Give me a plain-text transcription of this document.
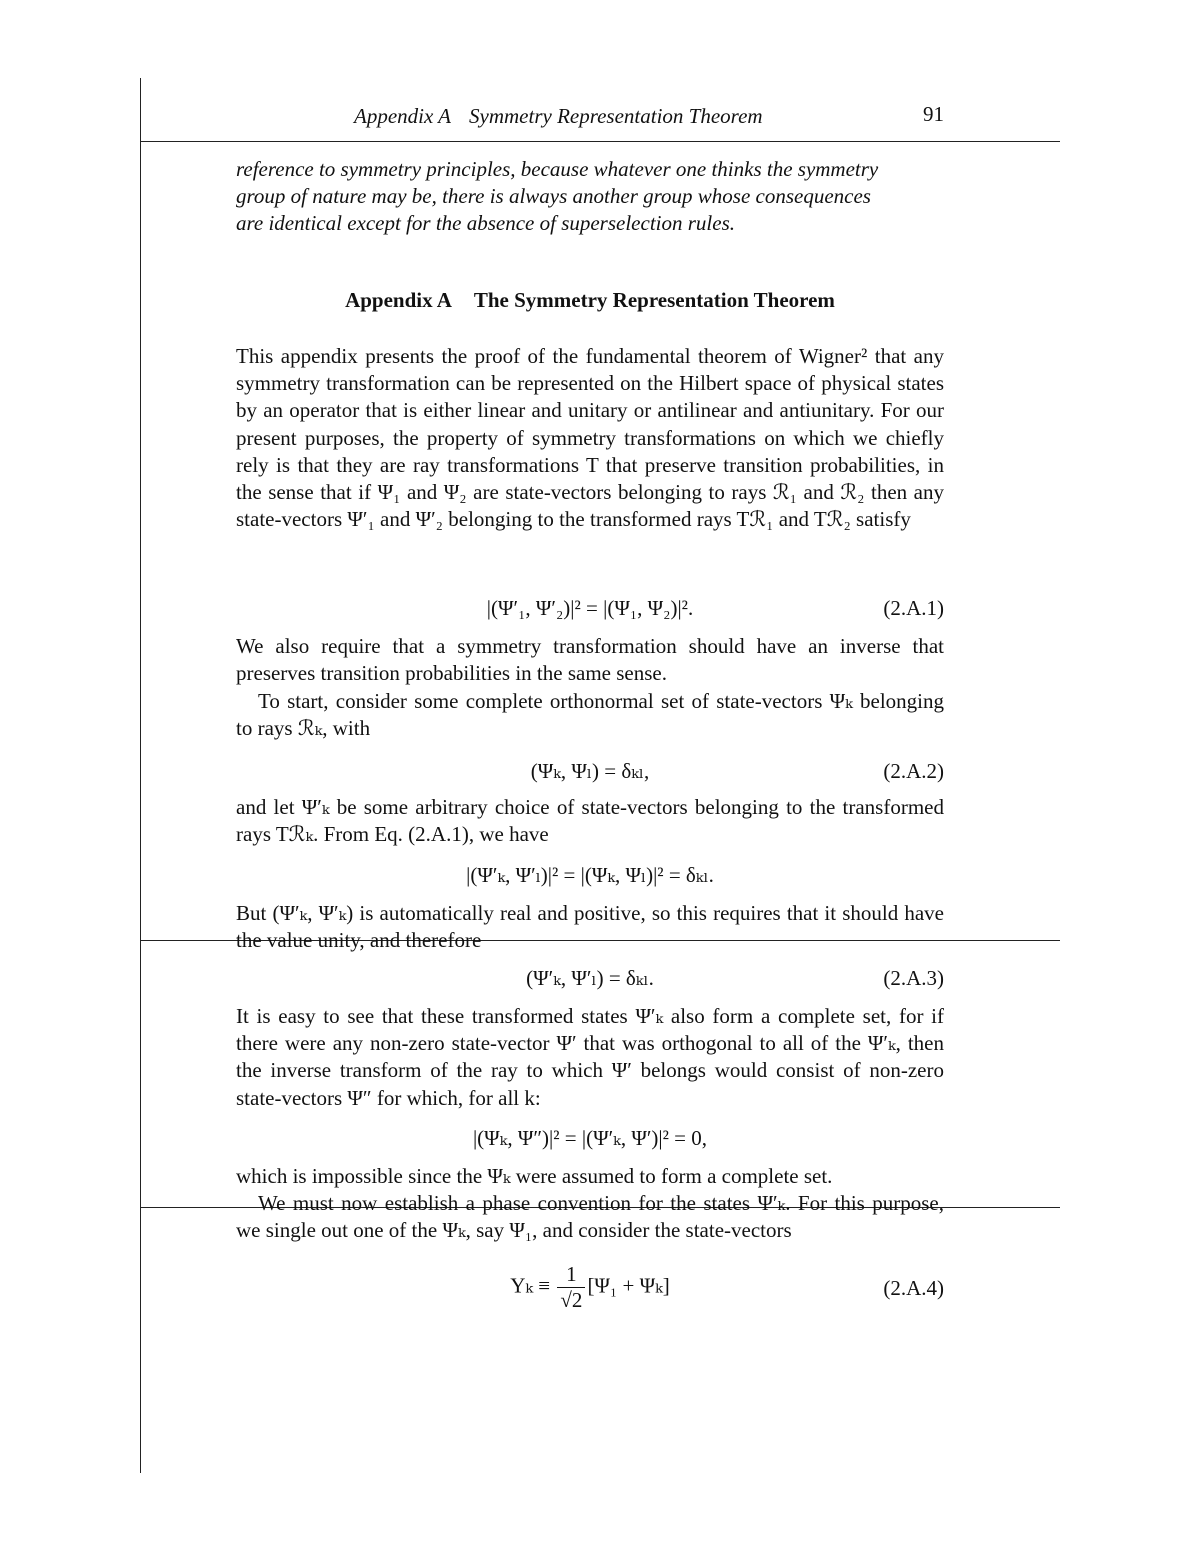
Appendix A Symmetry Representation Theorem	91
reference to symmetry principles, because whatever one thinks the symmetry
group of nature may be, there is always another group whose consequences
are identical except for the absence of superselection rules.
Appendix A The Symmetry Representation Theorem
This appendix presents the proof of the fundamental theorem of Wigner² that any symmetry transformation can be represented on the Hilbert space of physical states by an operator that is either linear and unitary or antilinear and antiunitary. For our present purposes, the property of symmetry transformations on which we chiefly rely is that they are ray transformations T that preserve transition probabilities, in the sense that if Ψ₁ and Ψ₂ are state-vectors belonging to rays ℛ₁ and ℛ₂ then any state-vectors Ψ′₁ and Ψ′₂ belonging to the transformed rays Tℛ₁ and Tℛ₂ satisfy
|(Ψ′₁, Ψ′₂)|² = |(Ψ₁, Ψ₂)|².	(2.A.1)
We also require that a symmetry transformation should have an inverse that preserves transition probabilities in the same sense.
To start, consider some complete orthonormal set of state-vectors Ψₖ belonging to rays ℛₖ, with
(Ψₖ, Ψₗ) = δₖₗ,	(2.A.2)
and let Ψ′ₖ be some arbitrary choice of state-vectors belonging to the transformed rays Tℛₖ. From Eq. (2.A.1), we have
|(Ψ′ₖ, Ψ′ₗ)|² = |(Ψₖ, Ψₗ)|² = δₖₗ.
But (Ψ′ₖ, Ψ′ₖ) is automatically real and positive, so this requires that it should have the value unity, and therefore
(Ψ′ₖ, Ψ′ₗ) = δₖₗ.	(2.A.3)
It is easy to see that these transformed states Ψ′ₖ also form a complete set, for if there were any non-zero state-vector Ψ′ that was orthogonal to all of the Ψ′ₖ, then the inverse transform of the ray to which Ψ′ belongs would consist of non-zero state-vectors Ψ″ for which, for all k:
|(Ψₖ, Ψ″)|² = |(Ψ′ₖ, Ψ′)|² = 0,
which is impossible since the Ψₖ were assumed to form a complete set.
We must now establish a phase convention for the states Ψ′ₖ. For this purpose, we single out one of the Ψₖ, say Ψ₁, and consider the state-vectors
$\Upsilon_k \equiv \frac{1}{√2} [\Psi_1 + \Psi_k]$	(2.A.4)
